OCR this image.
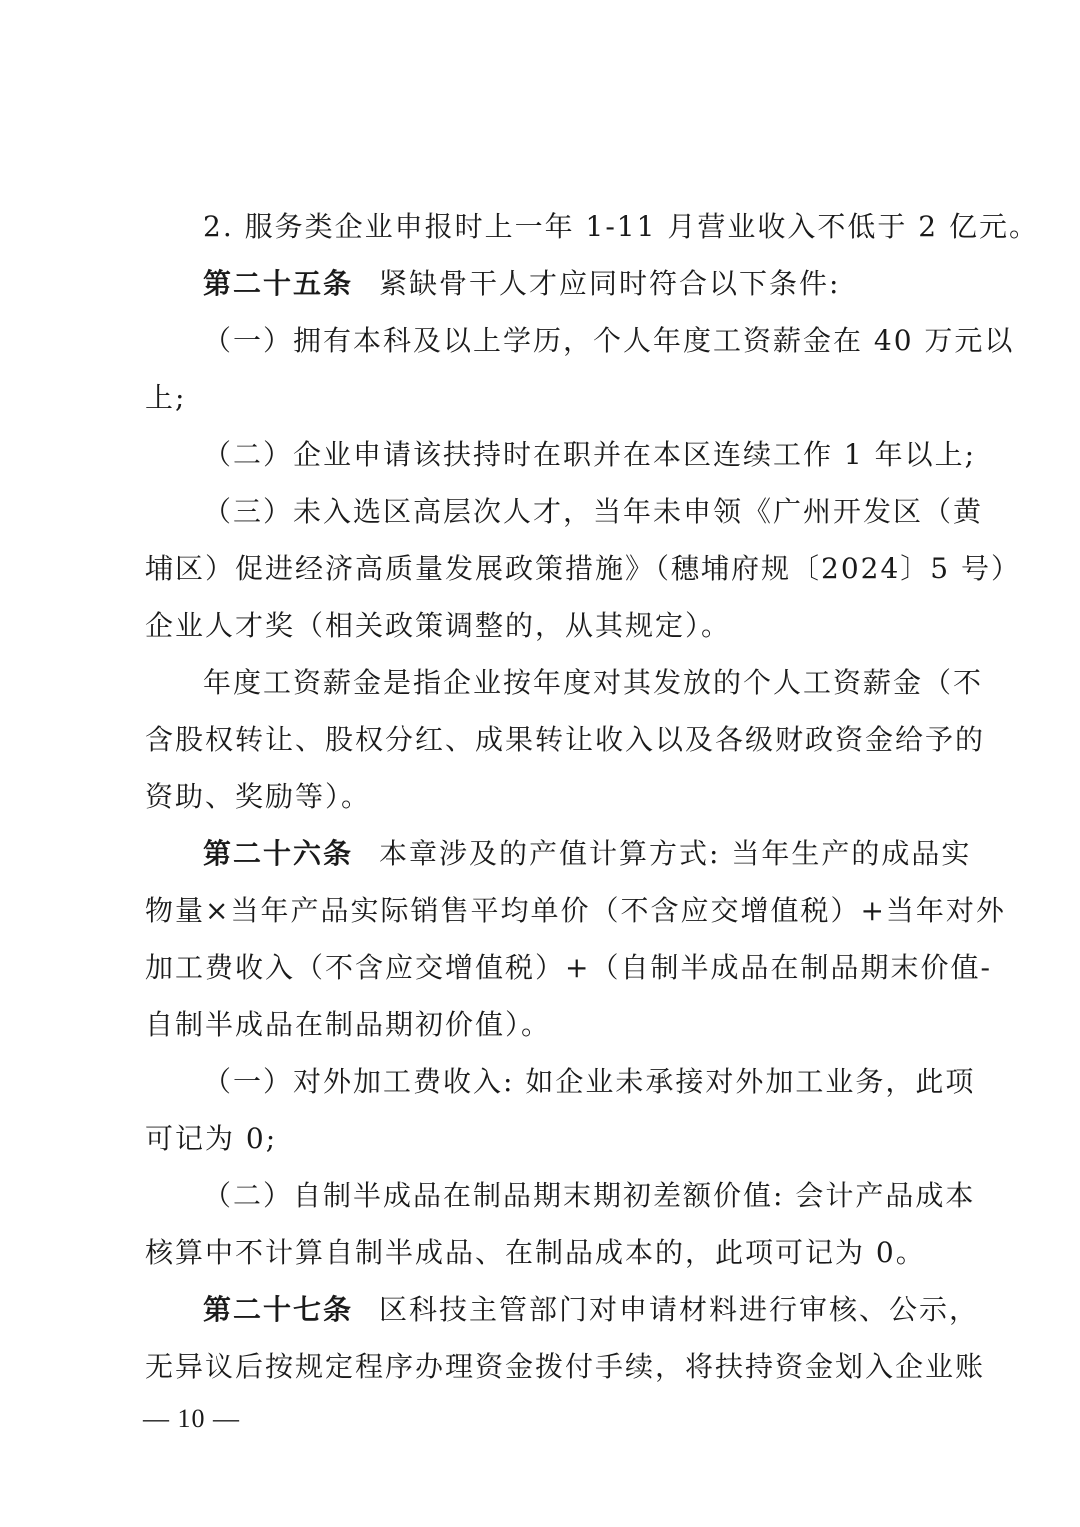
2. 服务类企业申报时上一年 1-11 月营业收入不低于 2 亿元。
第二十五条 紧缺骨干人才应同时符合以下条件:
（一）拥有本科及以上学历，个人年度工资薪金在 40 万元以
上;
（二）企业申请该扶持时在职并在本区连续工作 1 年以上;
（三）未入选区高层次人才，当年未申领《广州开发区（黄
埔区）促进经济高质量发展政策措施》（穗埔府规〔2024〕5 号）
企业人才奖（相关政策调整的，从其规定）。
年度工资薪金是指企业按年度对其发放的个人工资薪金（不
含股权转让、股权分红、成果转让收入以及各级财政资金给予的
资助、奖励等）。
第二十六条 本章涉及的产值计算方式: 当年生产的成品实
物量×当年产品实际销售平均单价（不含应交增值税）+当年对外
加工费收入（不含应交增值税）+（自制半成品在制品期末价值-
自制半成品在制品期初价值）。
（一）对外加工费收入: 如企业未承接对外加工业务，此项
可记为 0;
（二）自制半成品在制品期末期初差额价值: 会计产品成本
核算中不计算自制半成品、在制品成本的，此项可记为 0。
第二十七条 区科技主管部门对申请材料进行审核、公示，
无异议后按规定程序办理资金拨付手续，将扶持资金划入企业账
— 10 —
